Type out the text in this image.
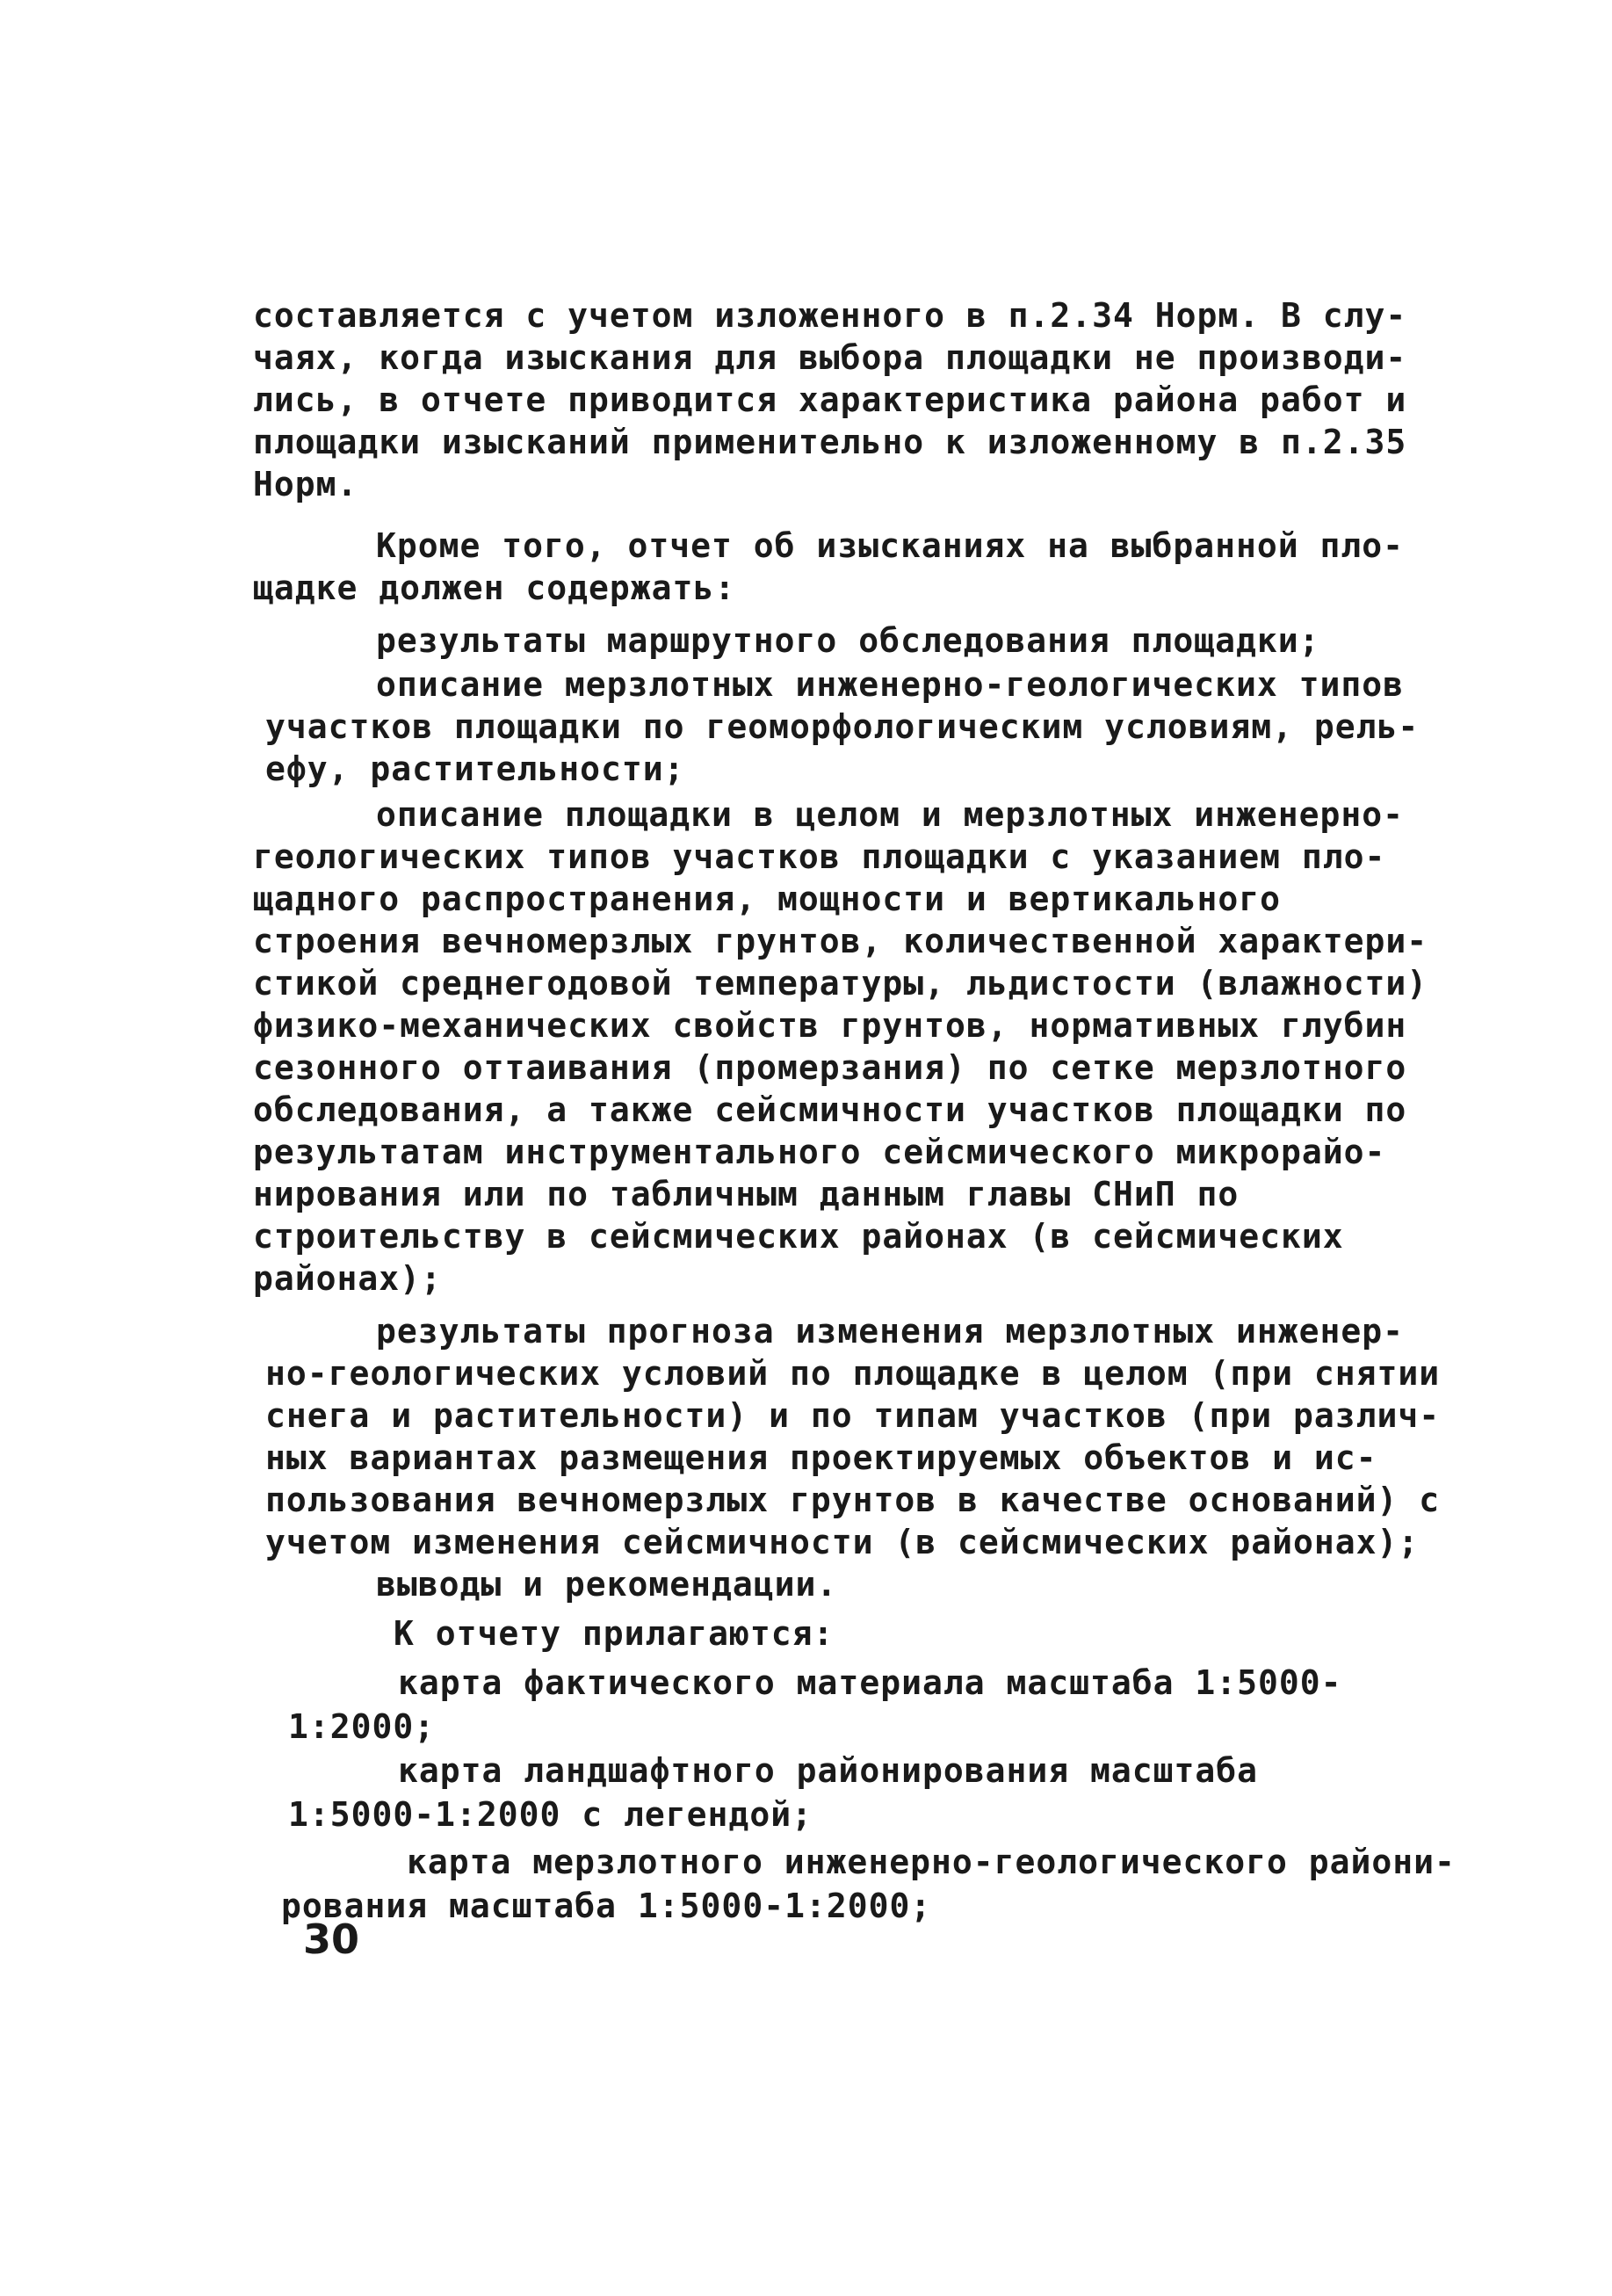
составляется с учетом изложенного в п.2.34 Норм. В слу-
чаях, когда изыскания для выбора площадки не производи-
лись, в отчете приводится характеристика района работ и
площадки изысканий применительно к изложенному в п.2.35
Норм.
Кроме того, отчет об изысканиях на выбранной пло-
щадке должен содержать:
результаты маршрутного обследования площадки;
описание мерзлотных инженерно-геологических типов
участков площадки по геоморфологическим условиям, рель-
ефу, растительности;
описание площадки в целом и мерзлотных инженерно-
геологических типов участков площадки с указанием пло-
щадного распространения, мощности и вертикального
строения вечномерзлых грунтов, количественной характери-
стикой среднегодовой температуры, льдистости (влажности)
физико-механических свойств грунтов, нормативных глубин
сезонного оттаивания (промерзания) по сетке мерзлотного
обследования, а также сейсмичности участков площадки по
результатам инструментального сейсмического микрорайо-
нирования или по табличным данным главы СНиП по
строительству в сейсмических районах (в сейсмических
районах);
результаты прогноза изменения мерзлотных инженер-
но-геологических условий по площадке в целом (при снятии
снега и растительности) и по типам участков (при различ-
ных вариантах размещения проектируемых объектов и ис-
пользования вечномерзлых грунтов в качестве оснований) с
учетом изменения сейсмичности (в сейсмических районах);
выводы и рекомендации.
К отчету прилагаются:
карта фактического материала масштаба 1:5000-
1:2000;
карта ландшафтного районирования масштаба
1:5000-1:2000 с легендой;
карта мерзлотного инженерно-геологического райони-
рования масштаба 1:5000-1:2000;
30
